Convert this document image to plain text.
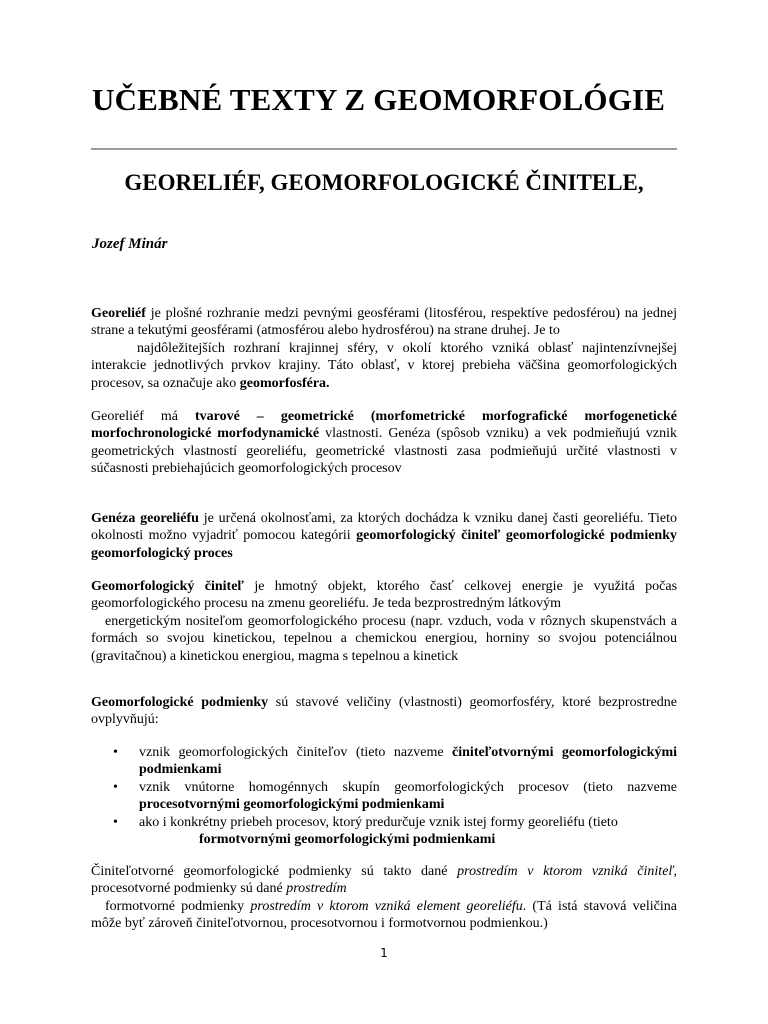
UČEBNÉ TEXTY Z GEOMORFOLÓGIE
GEORELIÉF, GEOMORFOLOGICKÉ ČINITELE,
Jozef Minár

Georeliéf je plošné rozhranie medzi pevnými geosférami (litosférou, respektíve pedosférou) na jednej strane a tekutými geosférami (atmosférou alebo hydrosférou) na strane druhej. Je to
najdôležitejších rozhraní krajinnej sféry, v okolí ktorého vzniká oblasť najintenzívnejšej interakcie jednotlivých prvkov krajiny. Táto oblasť, v ktorej prebieha väčšina geomorfologických procesov, sa označuje ako geomorfosféra.

Georeliéf má tvarové – geometrické (morfometrické morfografické morfogenetické morfochronologické morfodynamické vlastnosti. Genéza (spôsob vzniku) a vek podmieňujú vznik geometrických vlastností georeliéfu, geometrické vlastnosti zasa podmieňujú určité vlastnosti v súčasnosti prebiehajúcich geomorfologických procesov

Genéza georeliéfu je určená okolnosťami, za ktorých dochádza k vzniku danej časti georeliéfu. Tieto okolnosti možno vyjadriť pomocou kategórii geomorfologický činiteľ geomorfologické podmienky geomorfologický proces

Geomorfologický činiteľ je hmotný objekt, ktorého časť celkovej energie je využitá počas geomorfologického procesu na zmenu georeliéfu. Je teda bezprostredným látkovým
energetickým nositeľom geomorfologického procesu (napr. vzduch, voda v rôznych skupenstvách a formách so svojou kinetickou, tepelnou a chemickou energiou, horniny so svojou potenciálnou (gravitačnou) a kinetickou energiou, magma s tepelnou a kinetick

Geomorfologické podmienky sú stavové veličiny (vlastnosti) geomorfosféry, ktoré bezprostredne ovplyvňujú:

• vznik geomorfologických činiteľov (tieto nazveme činiteľotvornými geomorfologickými podmienkami
• vznik vnútorne homogénnych skupín geomorfologických procesov (tieto nazveme procesotvornými geomorfologickými podmienkami
• ako i konkrétny priebeh procesov, ktorý predurčuje vznik istej formy georeliéfu (tieto
formotvornými geomorfologickými podmienkami

Činiteľotvorné geomorfologické podmienky sú takto dané prostredím v ktorom vzniká činiteľ, procesotvorné podmienky sú dané prostredím
formotvorné podmienky prostredím v ktorom vzniká element georeliéfu. (Tá istá stavová veličina môže byť zároveň činiteľotvornou, procesotvornou i formotvornou podmienkou.)

1
